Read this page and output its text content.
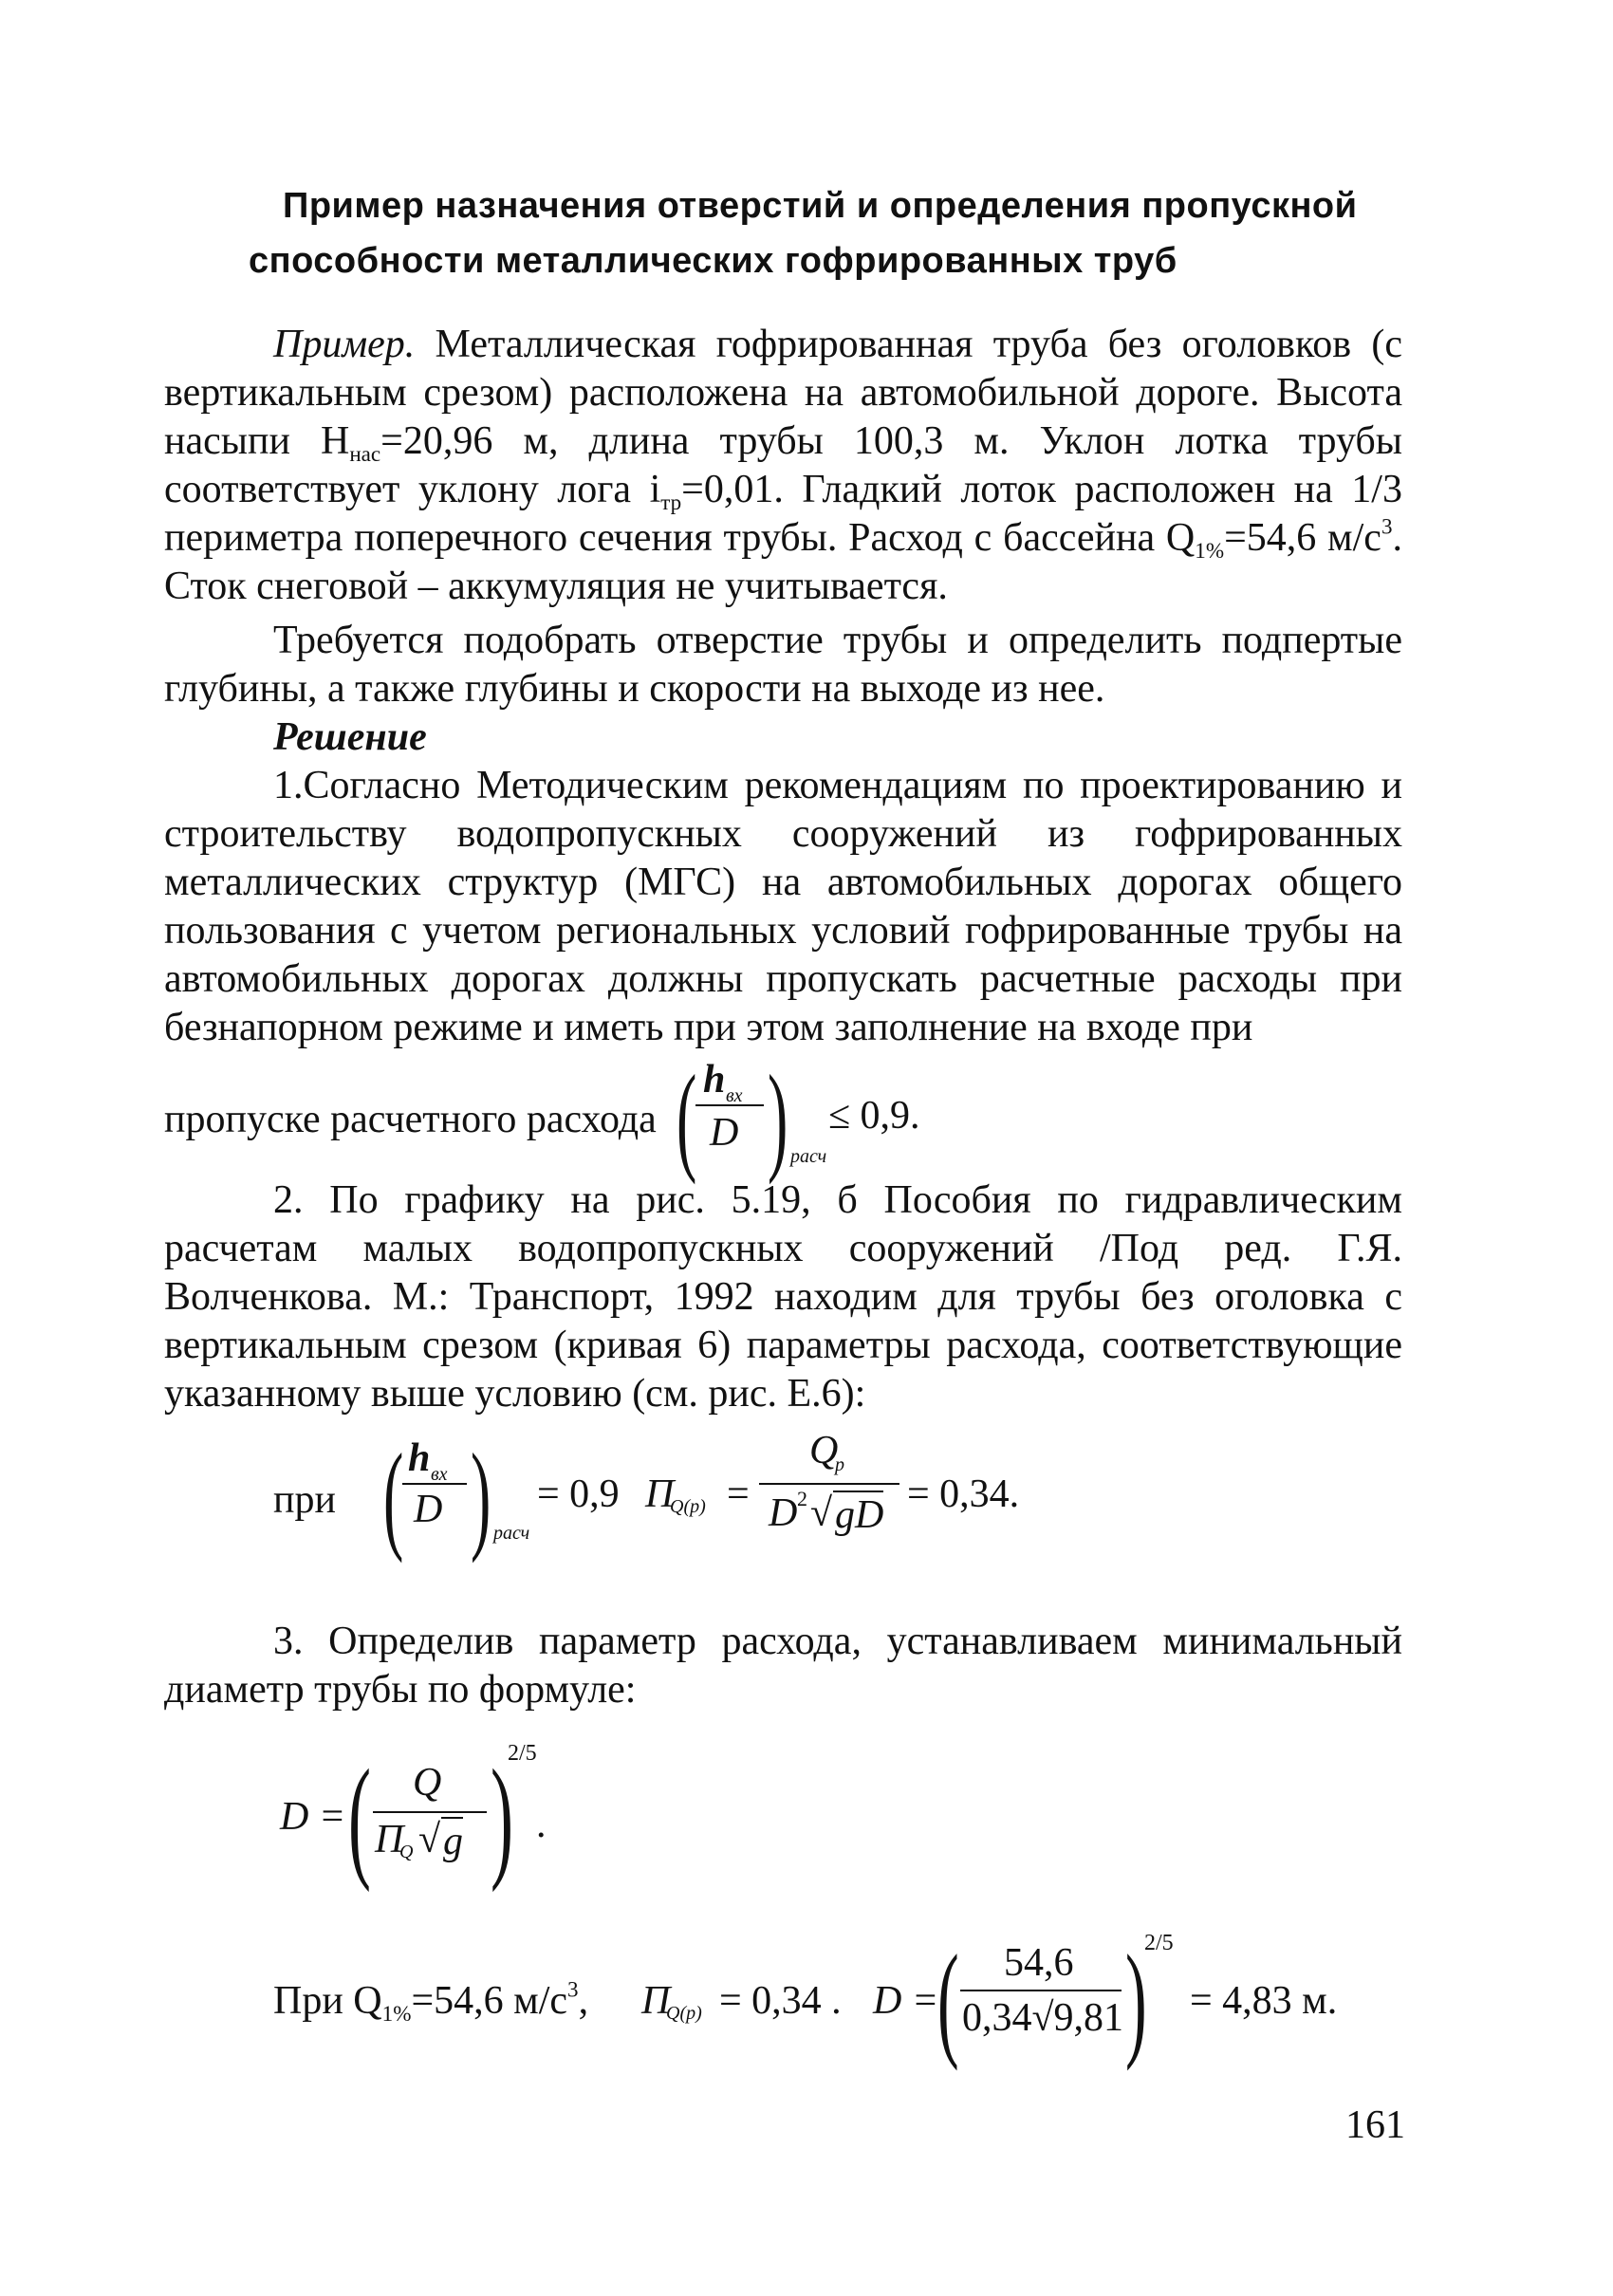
Пример назначения отверстий и определения пропускной
способности металлических гофрированных труб

Пример. Металлическая гофрированная труба без оголовков (с вертикальным срезом) расположена на автомобильной дороге. Высота насыпи $H_{нас}=20,96$ м, длина трубы 100,3 м. Уклон лотка трубы соответствует уклону лога $i_{тр}=0,01$. Гладкий лоток расположен на 1/3 периметра поперечного сечения трубы. Расход с бассейна $Q_{1\%}=54,6$ $м/с^3$. Сток снеговой – аккумуляция не учитывается.

Требуется подобрать отверстие трубы и определить подпертые глубины, а также глубины и скорости на выходе из нее.

Решение

1.Согласно Методическим рекомендациям по проектированию и строительству водопропускных сооружений из гофрированных металлических структур (МГС) на автомобильных дорогах общего пользования с учетом региональных условий гофрированные трубы на автомобильных дорогах должны пропускать расчетные расходы при безнапорном режиме и иметь при этом заполнение на входе при

пропуске расчетного расхода ( h вх
D ) расч
≤ 0,9.

2. По графику на рис. 5.19, б Пособия по гидравлическим расчетам малых водопропускных сооружений /Под ред. Г.Я. Волченкова. М.: Транспорт, 1992 находим для трубы без оголовка с вертикальным срезом (кривая 6) параметры расхода, соответствующие указанному выше условию (см. рис. Е.6):

при ( h вх
D ) расч
= 0,9 П
Q(p) =
Q
p
D 2 √ gD = 0,34.

3. Определив параметр расхода, устанавливаем минимальный диаметр трубы по формуле:

D = ( Q
П
Q √ g )
2/5
.
При $Q_{1\%}=54,6$ $м/с^3$, П
Q(p) = 0,34 . D =
( 54,6
0,34√9,81 )
2/5
= 4,83 м.
161
